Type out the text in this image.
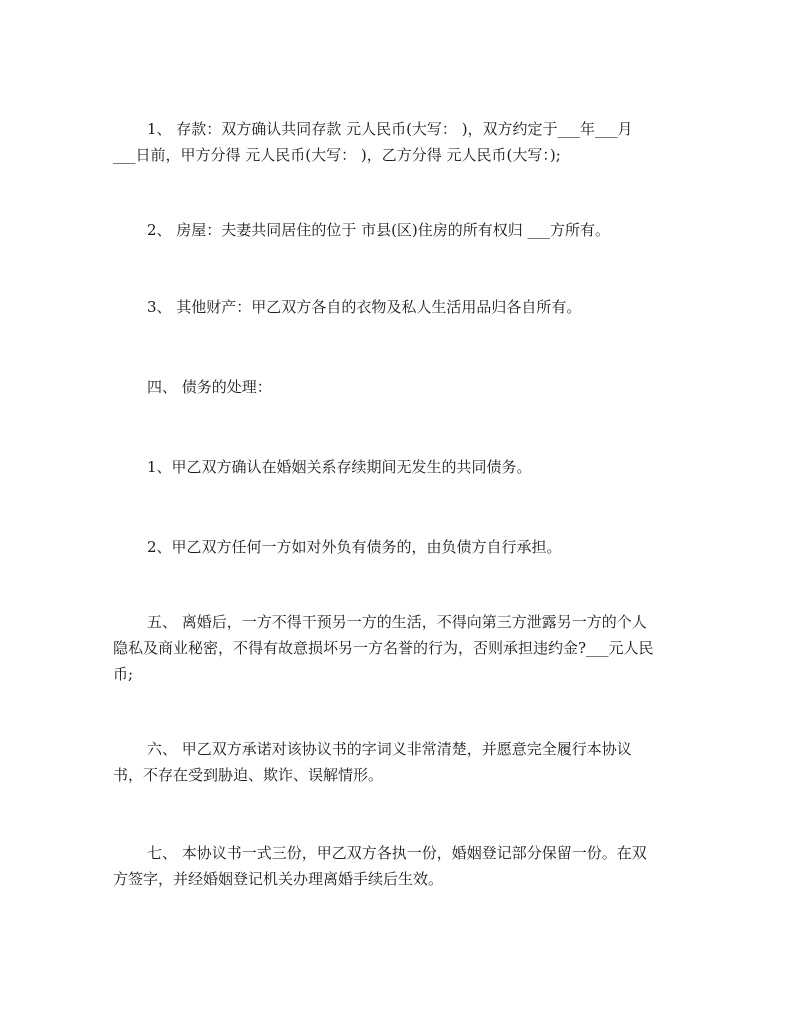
1、 存款：双方确认共同存款 元人民币(大写： )，双方约定于___年___月
___日前，甲方分得 元人民币(大写： )，乙方分得 元人民币(大写：);

2、 房屋：夫妻共同居住的位于 市县(区)住房的所有权归 ___方所有。

3、 其他财产：甲乙双方各自的衣物及私人生活用品归各自所有。

四、 债务的处理：

1、甲乙双方确认在婚姻关系存续期间无发生的共同债务。

2、甲乙双方任何一方如对外负有债务的，由负债方自行承担。

五、 离婚后，一方不得干预另一方的生活，不得向第三方泄露另一方的个人
隐私及商业秘密，不得有故意损坏另一方名誉的行为，否则承担违约金?___元人民
币;

六、 甲乙双方承诺对该协议书的字词义非常清楚，并愿意完全履行本协议
书，不存在受到胁迫、欺诈、误解情形。

七、 本协议书一式三份，甲乙双方各执一份，婚姻登记部分保留一份。在双
方签字，并经婚姻登记机关办理离婚手续后生效。
